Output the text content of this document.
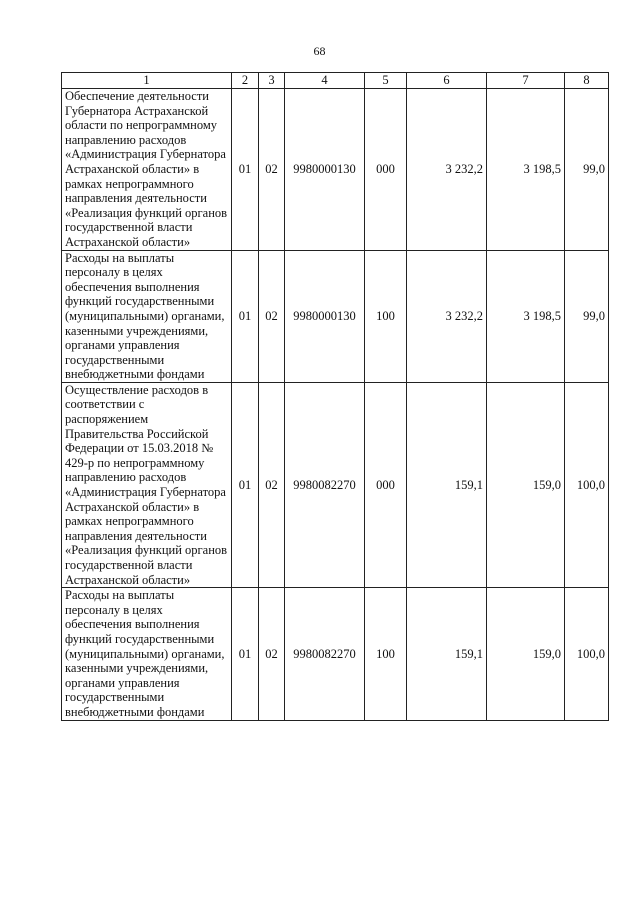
68
1	2	3	4	5	6	7	8
Обеспечение деятельности Губернатора Астраханской области по непрограммному направлению расходов «Администрация Губернатора Астраханской области» в рамках непрограммного направления деятельности «Реализация функций органов государственной власти Астраханской области»	01	02	9980000130	000	3 232,2	3 198,5	99,0
Расходы на выплаты персоналу в целях обеспечения выполнения функций государственными (муниципальными) органами, казенными учреждениями, органами управления государственными внебюджетными фондами	01	02	9980000130	100	3 232,2	3 198,5	99,0
Осуществление расходов в соответствии с распоряжением Правительства Российской Федерации от 15.03.2018 № 429-р по непрограммному направлению расходов «Администрация Губернатора Астраханской области» в рамках непрограммного направления деятельности «Реализация функций органов государственной власти Астраханской области»	01	02	9980082270	000	159,1	159,0	100,0
Расходы на выплаты персоналу в целях обеспечения выполнения функций государственными (муниципальными) органами, казенными учреждениями, органами управления государственными внебюджетными фондами	01	02	9980082270	100	159,1	159,0	100,0
